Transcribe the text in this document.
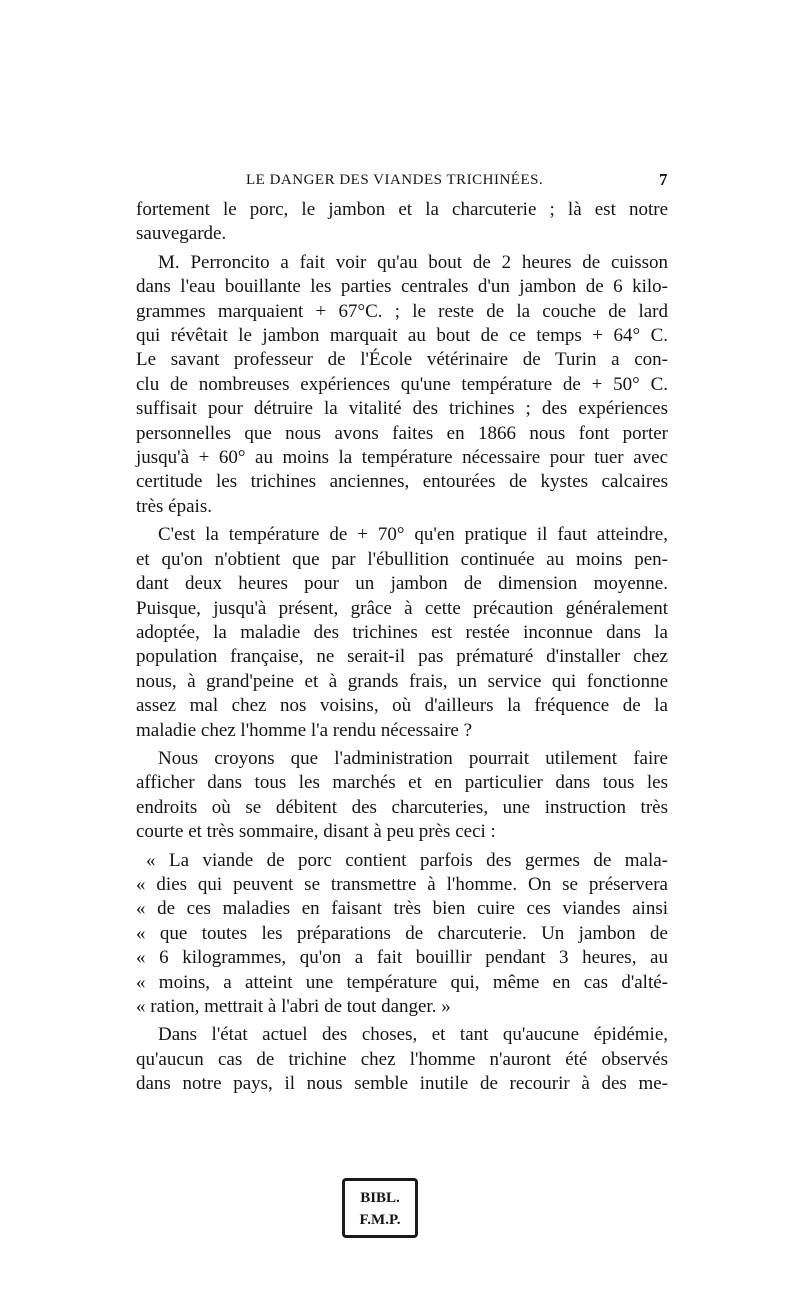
LE DANGER DES VIANDES TRICHINÉES.	7
fortement le porc, le jambon et la charcuterie ; là est notre
sauvegarde.
M. Perroncito a fait voir qu'au bout de 2 heures de cuisson
dans l'eau bouillante les parties centrales d'un jambon de 6 kilo-
grammes marquaient + 67°C. ; le reste de la couche de lard
qui révêtait le jambon marquait au bout de ce temps + 64° C.
Le savant professeur de l'École vétérinaire de Turin a con-
clu de nombreuses expériences qu'une température de + 50° C.
suffisait pour détruire la vitalité des trichines ; des expériences
personnelles que nous avons faites en 1866 nous font porter
jusqu'à + 60° au moins la température nécessaire pour tuer avec
certitude les trichines anciennes, entourées de kystes calcaires
très épais.
C'est la température de + 70° qu'en pratique il faut atteindre,
et qu'on n'obtient que par l'ébullition continuée au moins pen-
dant deux heures pour un jambon de dimension moyenne.
Puisque, jusqu'à présent, grâce à cette précaution généralement
adoptée, la maladie des trichines est restée inconnue dans la
population française, ne serait-il pas prématuré d'installer chez
nous, à grand'peine et à grands frais, un service qui fonctionne
assez mal chez nos voisins, où d'ailleurs la fréquence de la
maladie chez l'homme l'a rendu nécessaire ?
Nous croyons que l'administration pourrait utilement faire
afficher dans tous les marchés et en particulier dans tous les
endroits où se débitent des charcuteries, une instruction très
courte et très sommaire, disant à peu près ceci :
« La viande de porc contient parfois des germes de mala-
« dies qui peuvent se transmettre à l'homme. On se préservera
« de ces maladies en faisant très bien cuire ces viandes ainsi
« que toutes les préparations de charcuterie. Un jambon de
« 6 kilogrammes, qu'on a fait bouillir pendant 3 heures, au
« moins, a atteint une température qui, même en cas d'alté-
« ration, mettrait à l'abri de tout danger. »
Dans l'état actuel des choses, et tant qu'aucune épidémie,
qu'aucun cas de trichine chez l'homme n'auront été observés
dans notre pays, il nous semble inutile de recourir à des me-
BIBL.
F.M.P.
